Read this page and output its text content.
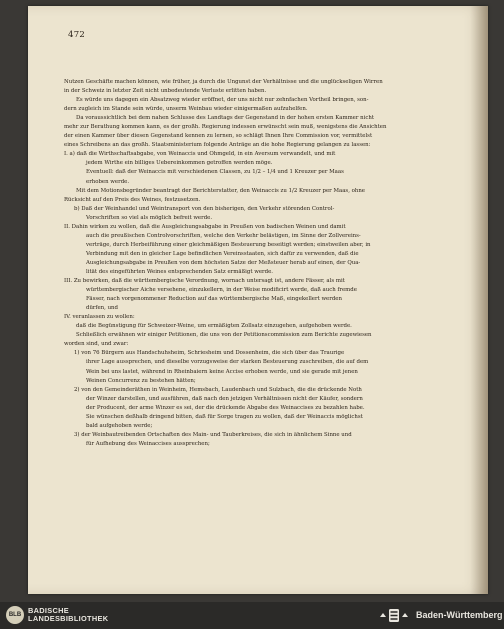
472

Nutzen Geschäfte machen können, wie früher, ja durch die Ungunst der Verhältnisse und die unglückseligen Wirren

in der Schweiz in letzter Zeit nicht unbedeutende Verluste erlitten haben.

Es würde uns dagegen ein Absatzweg wieder eröffnet, der uns nicht nur zehnfachen Vortheil bringen, son-

dern zugleich im Stande sein würde, unserm Weinbau wieder einigermaßen aufzuhelfen.

Da voraussichtlich bei dem nahen Schlusse des Landtags der Gegenstand in der hohen ersten Kammer nicht

mehr zur Berathung kommen kann, es der großh. Regierung indessen erwünscht sein muß, wenigstens die Ansichten

der einen Kammer über diesen Gegenstand kennen zu lernen, so schlägt Ihnen Ihre Commission vor, vermittelst

eines Schreibens an das großh. Staatsministerium folgende Anträge an die hohe Regierung gelangen zu lassen:

I. a) daß die Wirthschaftsabgabe, von Weinaccis und Ohmgeld, in ein Aversum verwandelt, und mit

jedem Wirthe ein billiges Uebereinkommen getroffen werden möge.

Eventuell: daß der Weinaccis mit verschiedenen Classen, zu 1/2 – 1/4 und 1 Kreuzer per Maas

erhoben werde.

Mit dem Motionsbegründer beantragt der Berichterstatter, den Weinaccis zu 1/2 Kreuzer per Maas, ohne

Rücksicht auf den Preis des Weines, festzusetzen.

b) Daß der Weinhandel und Weintransport von den bisherigen, den Verkehr störenden Control-

Vorschriften so viel als möglich befreit werde.

II. Dahin wirken zu wollen, daß die Ausgleichungsabgabe in Preußen von badischen Weinen und damit

auch die preußischen Controlvorschriften, welche den Verkehr belästigen, im Sinne der Zollvereins-

verträge, durch Herbeiführung einer gleichmäßigen Besteuerung beseitigt werden; einstweilen aber, in

Verbindung mit den in gleicher Lage befindlichen Vereinsstaaten, sich dafür zu verwenden, daß die

Ausgleichungsabgabe in Preußen von dem höchsten Satze der Meßsteuer herab auf einen, der Qua-

lität des eingeführten Weines entsprechenden Satz ermäßigt werde.

III. Zu bewirken, daß die württembergische Verordnung, wornach untersagt ist, andere Fässer, als mit

württembergischer Aiche versehene, einzukellern, in der Weise modificirt werde, daß auch fremde

Fässer, nach vorgenommener Reduction auf das württembergische Maß, eingekellert werden

dürfen, und

IV. veranlassen zu wollen:

daß die Begünstigung für Schweizer-Weine, um ermäßigten Zollsatz einzugehen, aufgehoben werde.

Schließlich erwähnen wir einiger Petitionen, die uns von der Petitionscommission zum Berichte zugewiesen

worden sind, und zwar:

1) von 76 Bürgern aus Handschuhsheim, Schriesheim und Dossenheim, die sich über das Traurige

ihrer Lage aussprechen, und dieselbe vorzugsweise der starken Besteuerung zuschreiben, die auf dem

Wein bei uns lastet, während in Rheinbaiern keine Accise erhoben werde, und sie gerade mit jenen

Weinen Concurrenz zu bestehen hätten;

2) von den Gemeinderäthen in Weinheim, Hemsbach, Laudenbach und Sulzbach, die die drückende Noth

der Winzer darstellen, und ausführen, daß nach den jetzigen Verhältnissen nicht der Käufer, sondern

der Producent, der arme Winzer es sei, der die drückende Abgabe des Weinaccises zu bezahlen habe.

Sie wünschen deßhalb dringend bitten, daß für Sorge tragen zu wollen, daß der Weinaccis möglichst

bald aufgehoben werde;

3) der Weinbautreibenden Ortschaften des Main- und Tauberkreises, die sich in ähnlichem Sinne und

für Aufhebung des Weinaccises aussprechen;

BLB BADISCHE
LANDESBIBLIOTHEK	Baden-Württemberg
